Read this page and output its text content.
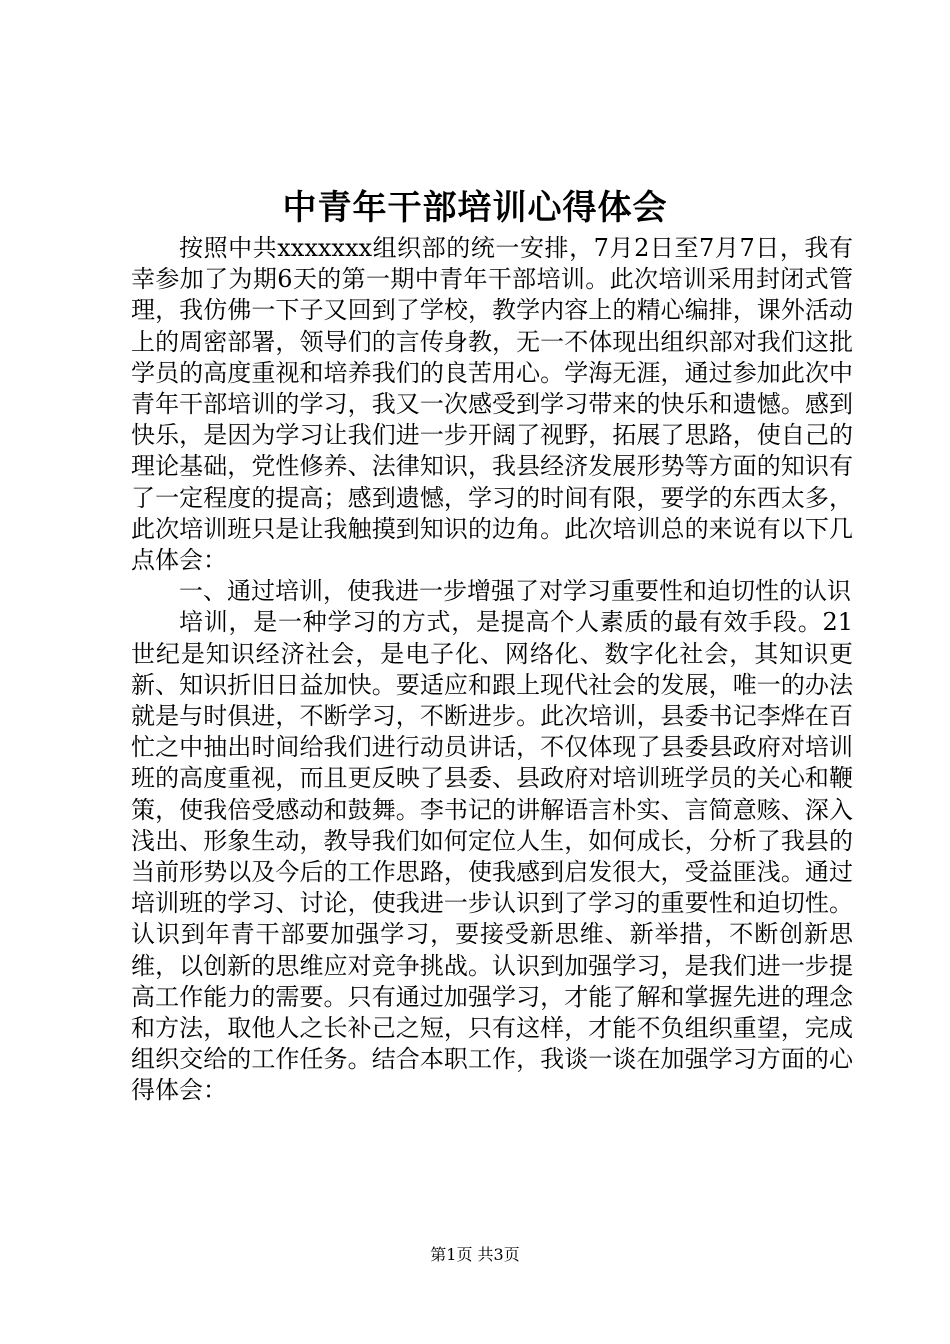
中青年干部培训心得体会

按照中共xxxxxxx组织部的统一安排，7月2日至7月7日，我有幸参加了为期6天的第一期中青年干部培训。此次培训采用封闭式管理，我仿佛一下子又回到了学校，教学内容上的精心编排，课外活动上的周密部署，领导们的言传身教，无一不体现出组织部对我们这批学员的高度重视和培养我们的良苦用心。学海无涯，通过参加此次中青年干部培训的学习，我又一次感受到学习带来的快乐和遗憾。感到快乐，是因为学习让我们进一步开阔了视野，拓展了思路，使自己的理论基础，党性修养、法律知识，我县经济发展形势等方面的知识有了一定程度的提高；感到遗憾，学习的时间有限，要学的东西太多，此次培训班只是让我触摸到知识的边角。此次培训总的来说有以下几点体会：

一、通过培训，使我进一步增强了对学习重要性和迫切性的认识

培训，是一种学习的方式，是提高个人素质的最有效手段。21世纪是知识经济社会，是电子化、网络化、数字化社会，其知识更新、知识折旧日益加快。要适应和跟上现代社会的发展，唯一的办法就是与时俱进，不断学习，不断进步。此次培训，县委书记李烨在百忙之中抽出时间给我们进行动员讲话，不仅体现了县委县政府对培训班的高度重视，而且更反映了县委、县政府对培训班学员的关心和鞭策，使我倍受感动和鼓舞。李书记的讲解语言朴实、言简意赅、深入浅出、形象生动，教导我们如何定位人生，如何成长，分析了我县的当前形势以及今后的工作思路，使我感到启发很大，受益匪浅。通过培训班的学习、讨论，使我进一步认识到了学习的重要性和迫切性。认识到年青干部要加强学习，要接受新思维、新举措，不断创新思维，以创新的思维应对竞争挑战。认识到加强学习，是我们进一步提高工作能力的需要。只有通过加强学习，才能了解和掌握先进的理念和方法，取他人之长补己之短，只有这样，才能不负组织重望，完成组织交给的工作任务。结合本职工作，我谈一谈在加强学习方面的心得体会：

第1页 共3页
